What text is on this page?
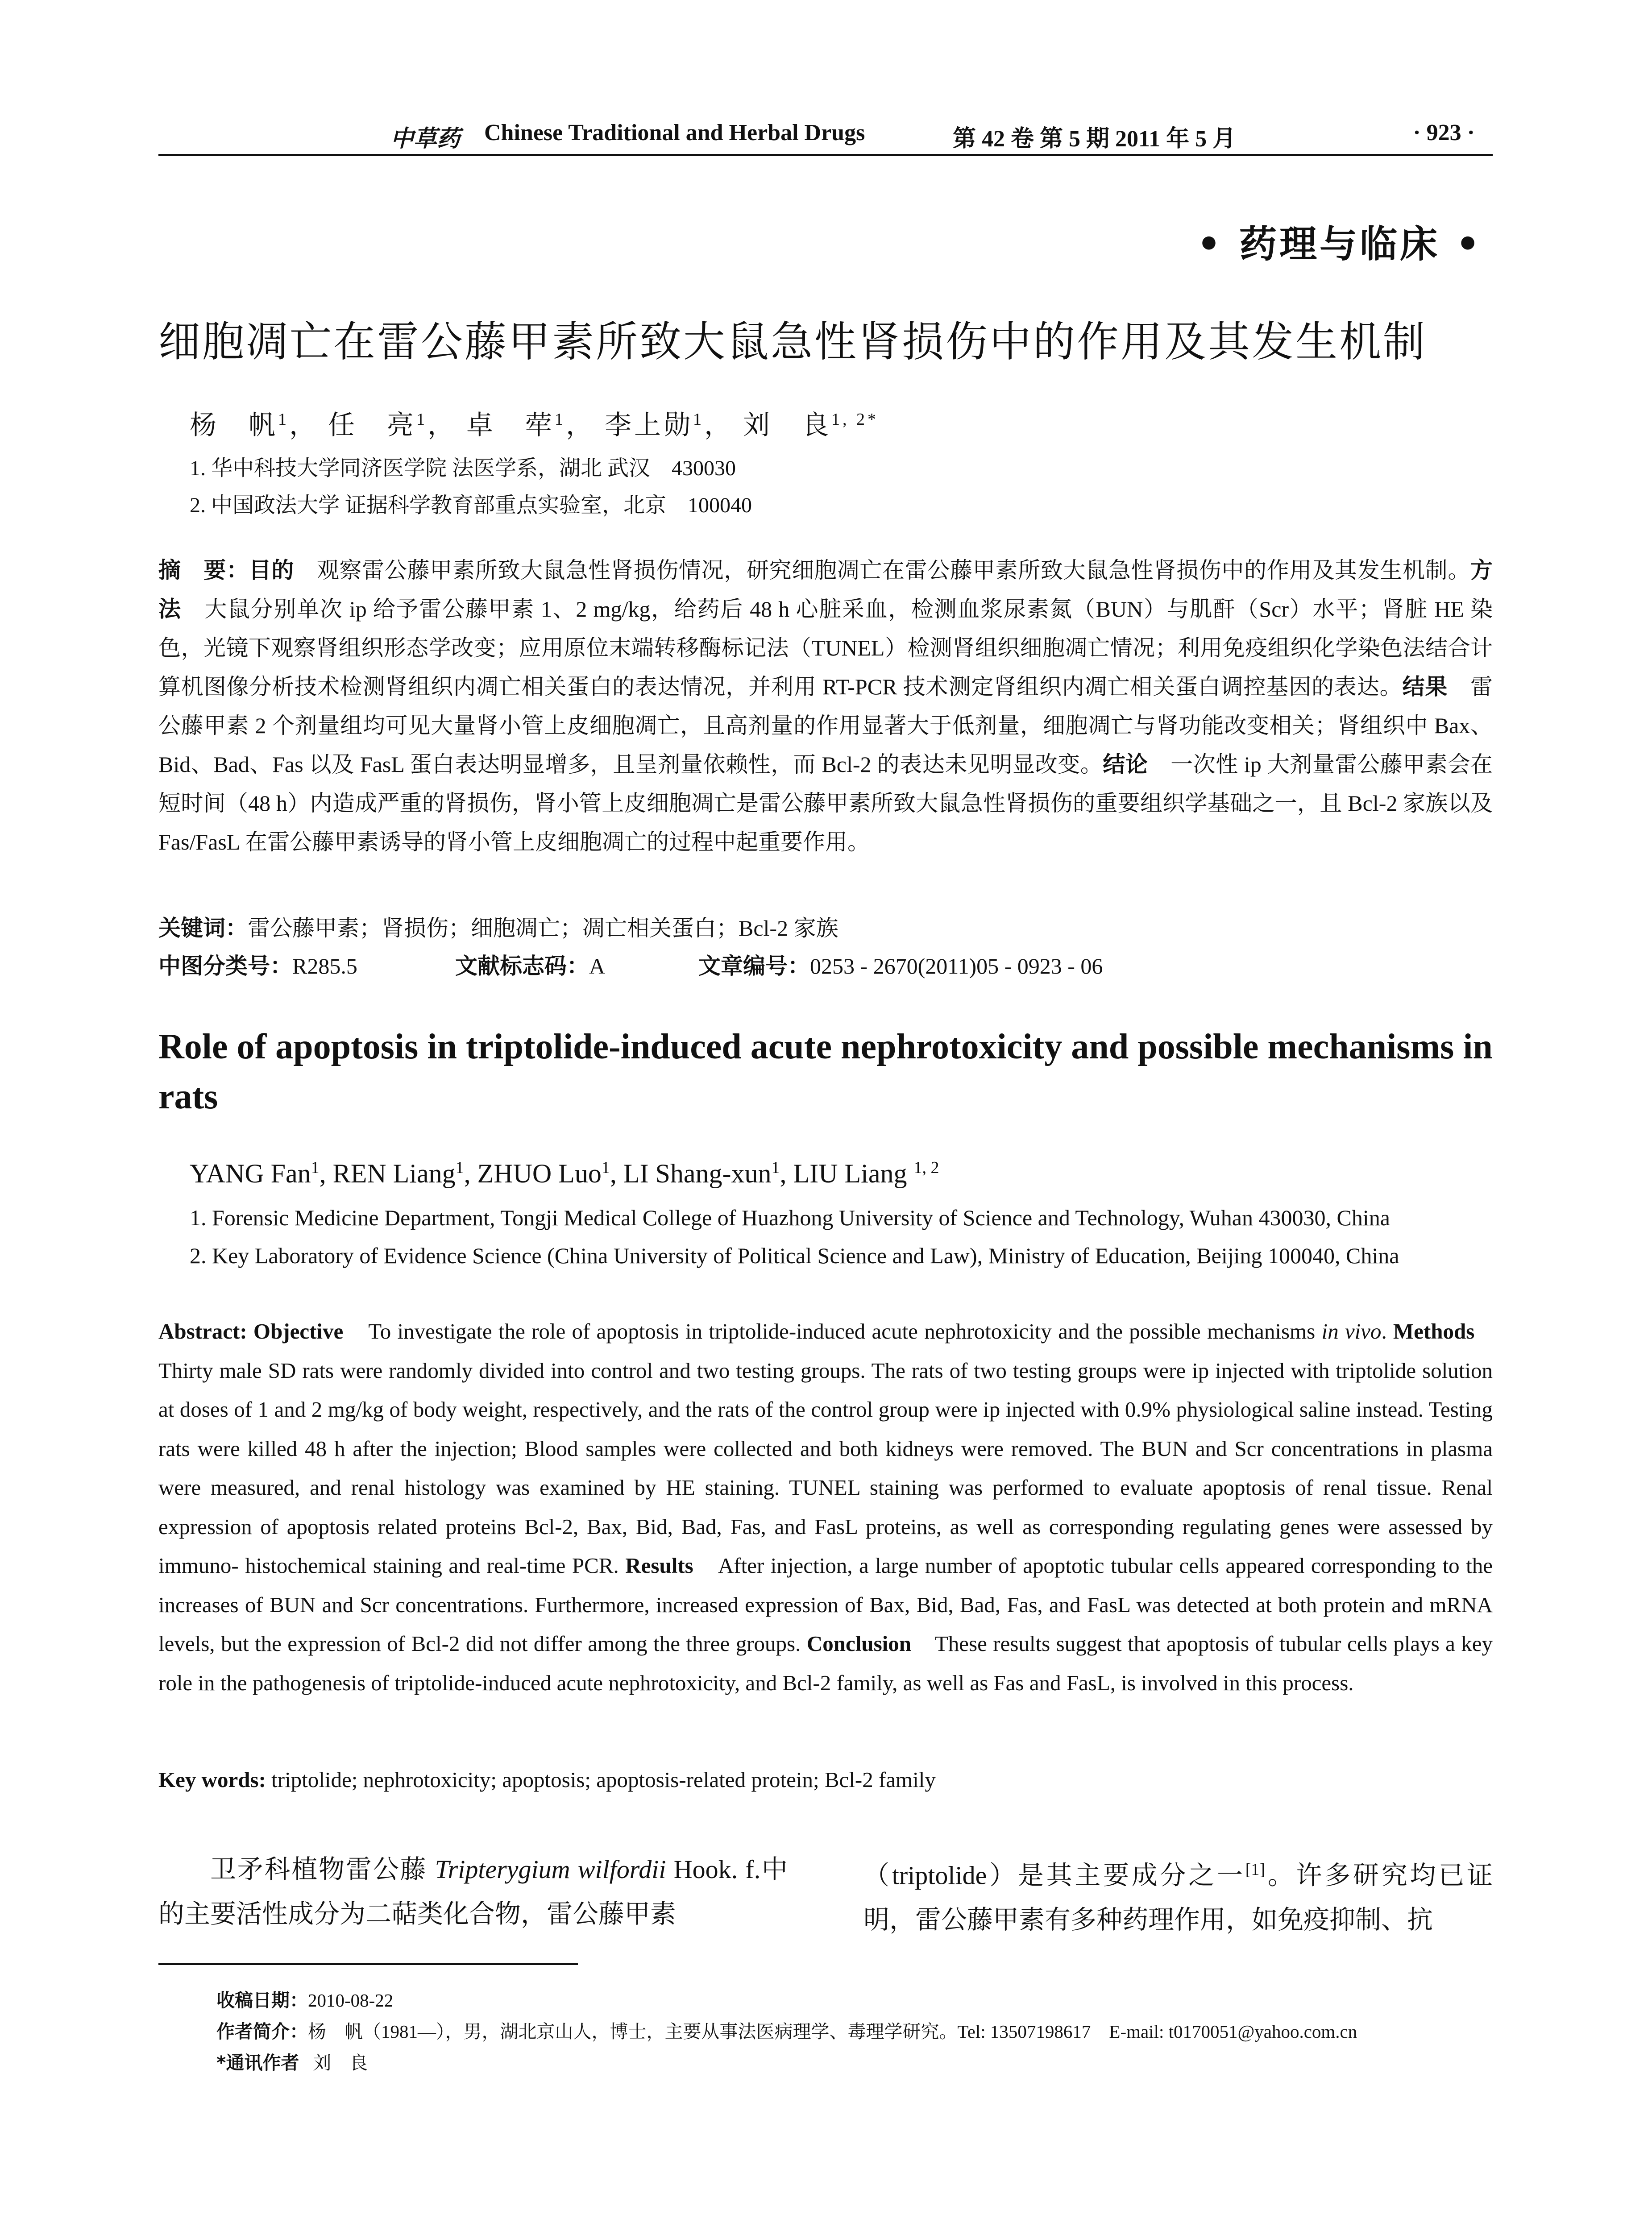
中草药 Chinese Traditional and Herbal Drugs	第 42 卷 第 5 期 2011 年 5 月	· 923 ·
• 药理与临床 •
细胞凋亡在雷公藤甲素所致大鼠急性肾损伤中的作用及其发生机制
杨　帆$^1$， 任　亮$^1$， 卓　荦$^1$， 李上勋$^1$， 刘　良$^{1, 2*}$
1. 华中科技大学同济医学院 法医学系，湖北 武汉　430030
2. 中国政法大学 证据科学教育部重点实验室，北京　100040
摘　要：目的　 观察雷公藤甲素所致大鼠急性肾损伤情况，研究细胞凋亡在雷公藤甲素所致大鼠急性肾损伤中的作用及其发生机制。方法　 大鼠分别单次 ip 给予雷公藤甲素 1、2 mg/kg，给药后 48 h 心脏采血，检测血浆尿素氮（BUN）与肌酐（Scr）水平；肾脏 HE 染色，光镜下观察肾组织形态学改变；应用原位末端转移酶标记法（TUNEL）检测肾组织细胞凋亡情况；利用免疫组织化学染色法结合计算机图像分析技术检测肾组织内凋亡相关蛋白的表达情况，并利用 RT-PCR 技术测定肾组织内凋亡相关蛋白调控基因的表达。结果　 雷公藤甲素 2 个剂量组均可见大量肾小管上皮细胞凋亡，且高剂量的作用显著大于低剂量，细胞凋亡与肾功能改变相关；肾组织中 Bax、Bid、Bad、Fas 以及 FasL 蛋白表达明显增多，且呈剂量依赖性，而 Bcl-2 的表达未见明显改变。结论　 一次性 ip 大剂量雷公藤甲素会在短时间（48 h）内造成严重的肾损伤，肾小管上皮细胞凋亡是雷公藤甲素所致大鼠急性肾损伤的重要组织学基础之一，且 Bcl-2 家族以及 Fas/FasL 在雷公藤甲素诱导的肾小管上皮细胞凋亡的过程中起重要作用。
关键词：雷公藤甲素；肾损伤；细胞凋亡；凋亡相关蛋白；Bcl-2 家族
中图分类号：R285.5	文献标志码：A	文章编号：0253 - 2670(2011)05 - 0923 - 06
Role of apoptosis in triptolide-induced acute nephrotoxicity and possible mechanisms in rats
YANG Fan$^1$, REN Liang$^1$, ZHUO Luo$^1$, LI Shang-xun$^1$, LIU Liang $^{1, 2}$
1. Forensic Medicine Department, Tongji Medical College of Huazhong University of Science and Technology, Wuhan 430030, China
2. Key Laboratory of Evidence Science (China University of Political Science and Law), Ministry of Education, Beijing 100040, China
Abstract: Objective To investigate the role of apoptosis in triptolide-induced acute nephrotoxicity and the possible mechanisms in vivo. Methods    Thirty male SD rats were randomly divided into control and two testing groups. The rats of two testing groups were ip injected with triptolide solution at doses of 1 and 2 mg/kg of body weight, respectively, and the rats of the control group were ip injected with 0.9% physiological saline instead. Testing rats were killed 48 h after the injection; Blood samples were collected and both kidneys were removed. The BUN and Scr concentrations in plasma were measured, and renal histology was examined by HE staining. TUNEL staining was performed to evaluate apoptosis of renal tissue. Renal expression of apoptosis related proteins Bcl-2, Bax, Bid, Bad, Fas, and FasL proteins, as well as corresponding regulating genes were assessed by immuno- histochemical staining and real-time PCR. Results After injection, a large number of apoptotic tubular cells appeared corresponding to the increases of BUN and Scr concentrations. Furthermore, increased expression of Bax, Bid, Bad, Fas, and FasL was detected at both protein and mRNA levels, but the expression of Bcl-2 did not differ among the three groups. Conclusion These results suggest that apoptosis of tubular cells plays a key role in the pathogenesis of triptolide-induced acute nephrotoxicity, and Bcl-2 family, as well as Fas and FasL, is involved in this process.
Key words: triptolide; nephrotoxicity; apoptosis; apoptosis-related protein; Bcl-2 family
卫矛科植物雷公藤 Tripterygium wilfordii Hook. f.中的主要活性成分为二萜类化合物，雷公藤甲素
（triptolide）是其主要成分之一[1]。许多研究均已证明，雷公藤甲素有多种药理作用，如免疫抑制、抗
收稿日期：2010-08-22
作者简介：杨　帆（1981—），男，湖北京山人，博士，主要从事法医病理学、毒理学研究。Tel: 13507198617　E-mail: t0170051@yahoo.com.cn
*通讯作者 刘　良
